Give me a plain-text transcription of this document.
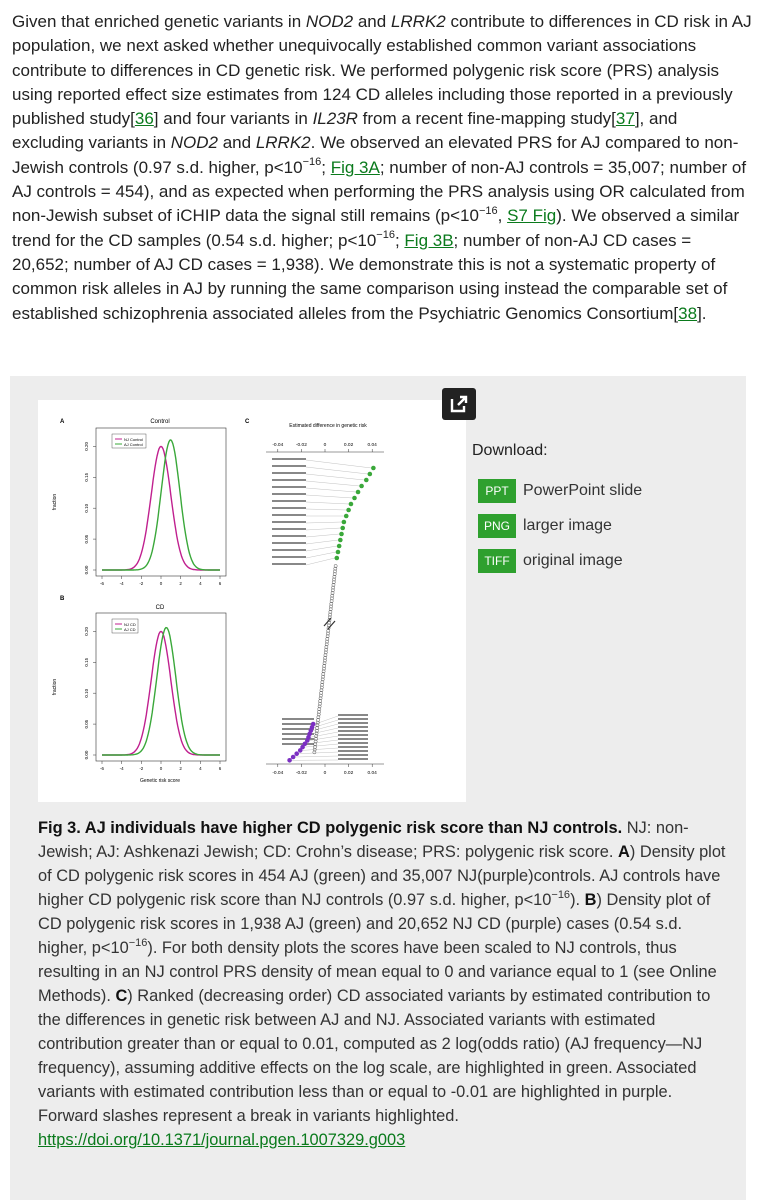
Given that enriched genetic variants in NOD2 and LRRK2 contribute to differences in CD risk in AJ population, we next asked whether unequivocally established common variant associations contribute to differences in CD genetic risk. We performed polygenic risk score (PRS) analysis using reported effect size estimates from 124 CD alleles including those reported in a previously published study[36] and four variants in IL23R from a recent fine-mapping study[37], and excluding variants in NOD2 and LRRK2. We observed an elevated PRS for AJ compared to non-Jewish controls (0.97 s.d. higher, $p<10^{-16}$; Fig 3A; number of non-AJ controls = 35,007; number of AJ controls = 454), and as expected when performing the PRS analysis using OR calculated from non-Jewish subset of iCHIP data the signal still remains ($p<10^{-16}$, S7 Fig). We observed a similar trend for the CD samples (0.54 s.d. higher; $p<10^{-16}$; Fig 3B; number of non-AJ CD cases = 20,652; number of AJ CD cases = 1,938). We demonstrate this is not a systematic property of common risk alleles in AJ by running the same comparison using instead the comparable set of established schizophrenia associated alleles from the Psychiatric Genomics Consortium[38].

A	Control
0.00
0.05
0.10
0.15
0.20
-6	-4	-2	0	2	4	6
fraction
NJ Control
AJ Control
B
CD
0.00
0.05
0.10
0.15
0.20
-6	-4	-2	0	2	4	6
fraction
Genetic risk score
NJ CD
AJ CD
C
Estimated difference in genetic risk
-0.04
-0.04
-0.02
-0.02
0
0
0.02
0.02
0.04
0.04
Download:
PPT PowerPoint slide
PNG larger image
TIFF original image
Fig 3. AJ individuals have higher CD polygenic risk score than NJ controls. NJ: non-Jewish; AJ: Ashkenazi Jewish; CD: Crohn’s disease; PRS: polygenic risk score. A) Density plot of CD polygenic risk scores in 454 AJ (green) and 35,007 NJ(purple)controls. AJ controls have higher CD polygenic risk score than NJ controls (0.97 s.d. higher, $p<10^{-16}$). B) Density plot of CD polygenic risk scores in 1,938 AJ (green) and 20,652 NJ CD (purple) cases (0.54 s.d. higher, $p<10^{-16}$). For both density plots the scores have been scaled to NJ controls, thus resulting in an NJ control PRS density of mean equal to 0 and variance equal to 1 (see Online Methods). C) Ranked (decreasing order) CD associated variants by estimated contribution to the differences in genetic risk between AJ and NJ. Associated variants with estimated contribution greater than or equal to 0.01, computed as 2 log(odds ratio) (AJ frequency—NJ frequency), assuming additive effects on the log scale, are highlighted in green. Associated variants with estimated contribution less than or equal to -0.01 are highlighted in purple. Forward slashes represent a break in variants highlighted.
https://doi.org/10.1371/journal.pgen.1007329.g003
